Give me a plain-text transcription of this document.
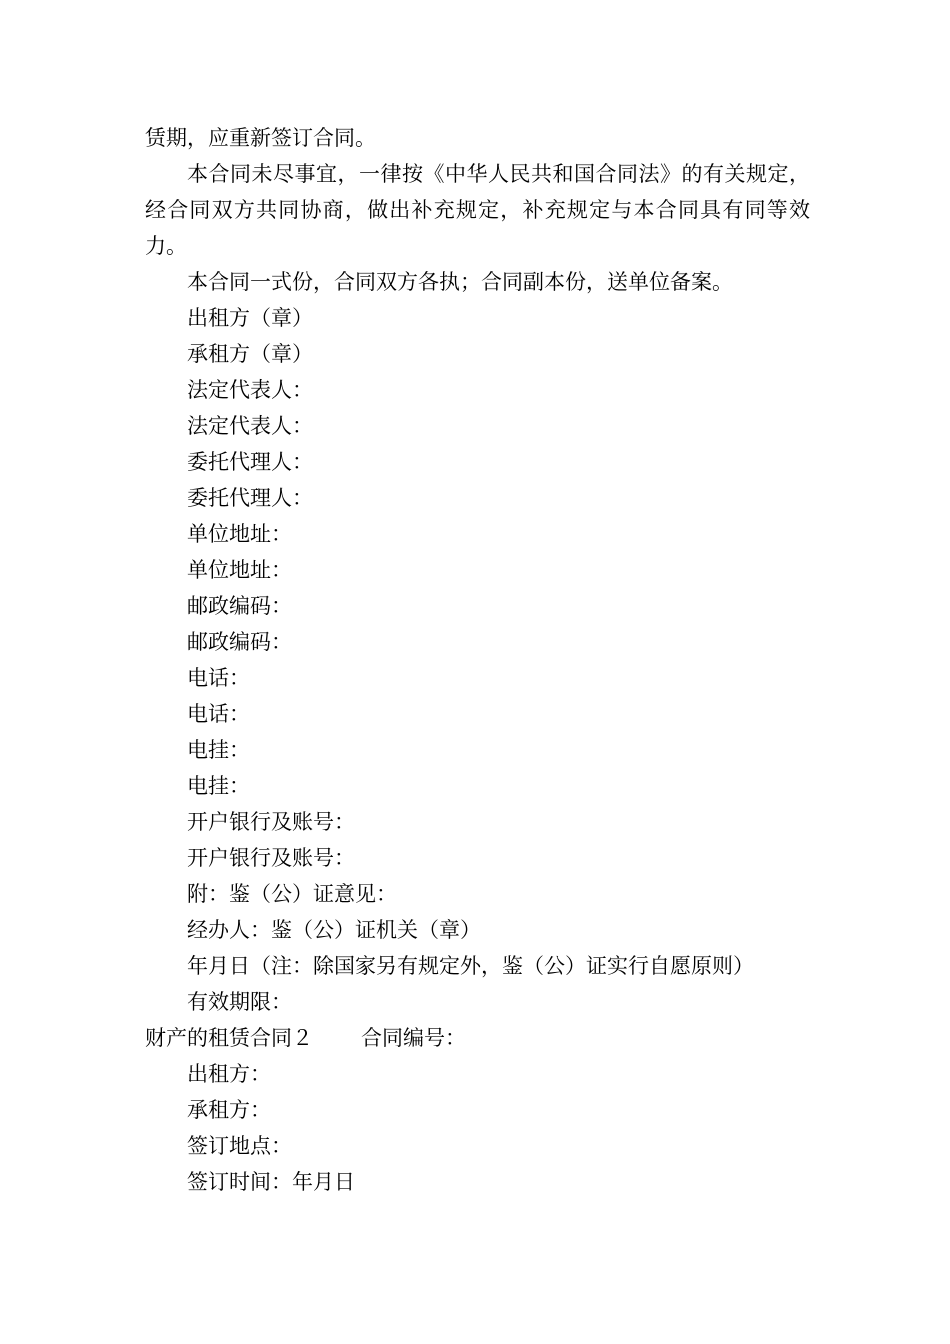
赁期，应重新签订合同。

本合同未尽事宜，一律按《中华人民共和国合同法》的有关规定，经合同双方共同协商，做出补充规定，补充规定与本合同具有同等效力。

本合同一式份，合同双方各执；合同副本份，送单位备案。

出租方（章）

承租方（章）

法定代表人：

法定代表人：

委托代理人：

委托代理人：

单位地址：

单位地址：

邮政编码：

邮政编码：

电话：

电话：

电挂：

电挂：

开户银行及账号：

开户银行及账号：

附：鉴（公）证意见：

经办人：鉴（公）证机关（章）

年月日（注：除国家另有规定外，鉴（公）证实行自愿原则）

有效期限：

财产的租赁合同２ 合同编号：

出租方：

承租方：

签订地点：

签订时间：年月日
